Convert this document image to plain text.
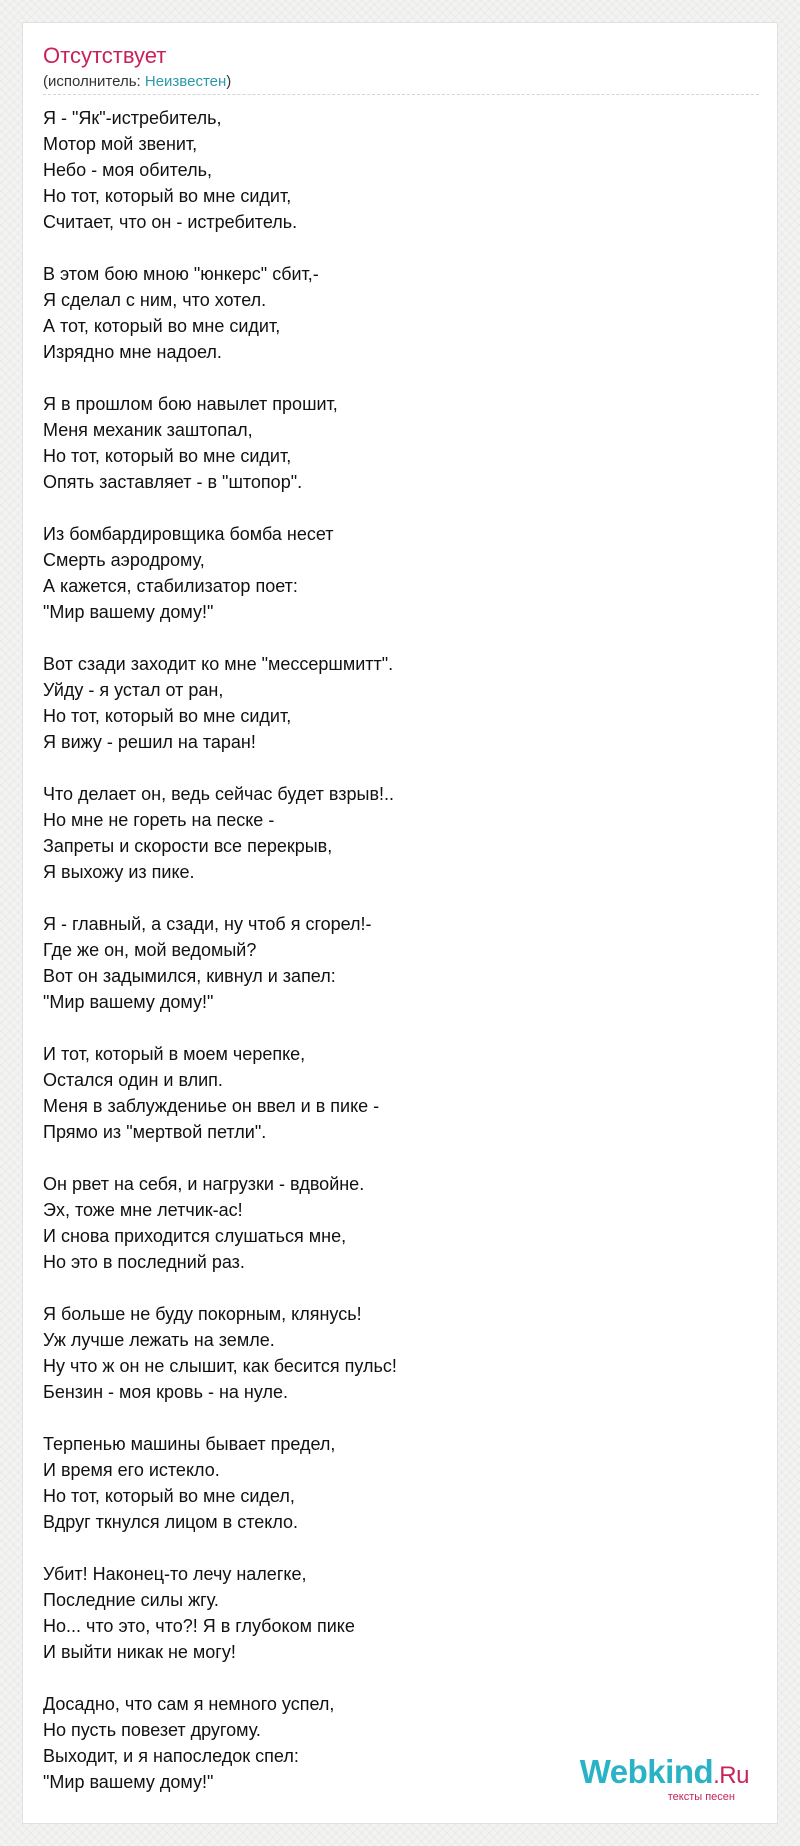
Отсутствует
(исполнитель: Неизвестен)
Я - "Як"-истребитель,
Мотор мой звенит,
Небо - моя обитель,
Но тот, который во мне сидит,
Считает, что он - истребитель.
В этом бою мною "юнкерс" сбит,-
Я сделал с ним, что хотел.
А тот, который во мне сидит,
Изрядно мне надоел.
Я в прошлом бою навылет прошит,
Меня механик заштопал,
Но тот, который во мне сидит,
Опять заставляет - в "штопор".
Из бомбардировщика бомба несет
Смерть аэродрому,
А кажется, стабилизатор поет:
"Мир вашему дому!"
Вот сзади заходит ко мне "мессершмитт".
Уйду - я устал от ран,
Но тот, который во мне сидит,
Я вижу - решил на таран!
Что делает он, ведь сейчас будет взрыв!..
Но мне не гореть на песке -
Запреты и скорости все перекрыв,
Я выхожу из пике.
Я - главный, а сзади, ну чтоб я сгорел!-
Где же он, мой ведомый?
Вот он задымился, кивнул и запел:
"Мир вашему дому!"
И тот, который в моем черепке,
Остался один и влип.
Меня в заблуждениье он ввел и в пике -
Прямо из "мертвой петли".
Он рвет на себя, и нагрузки - вдвойне.
Эх, тоже мне летчик-ас!
И снова приходится слушаться мне,
Но это в последний раз.
Я больше не буду покорным, клянусь!
Уж лучше лежать на земле.
Ну что ж он не слышит, как бесится пульс!
Бензин - моя кровь - на нуле.
Терпенью машины бывает предел,
И время его истекло.
Но тот, который во мне сидел,
Вдруг ткнулся лицом в стекло.
Убит! Наконец-то лечу налегке,
Последние силы жгу.
Но... что это, что?! Я в глубоком пике
И выйти никак не могу!
Досадно, что сам я немного успел,
Но пусть повезет другому.
Выходит, и я напоследок спел:
"Мир вашему дому!"	Webkind.Ru
тексты песен
